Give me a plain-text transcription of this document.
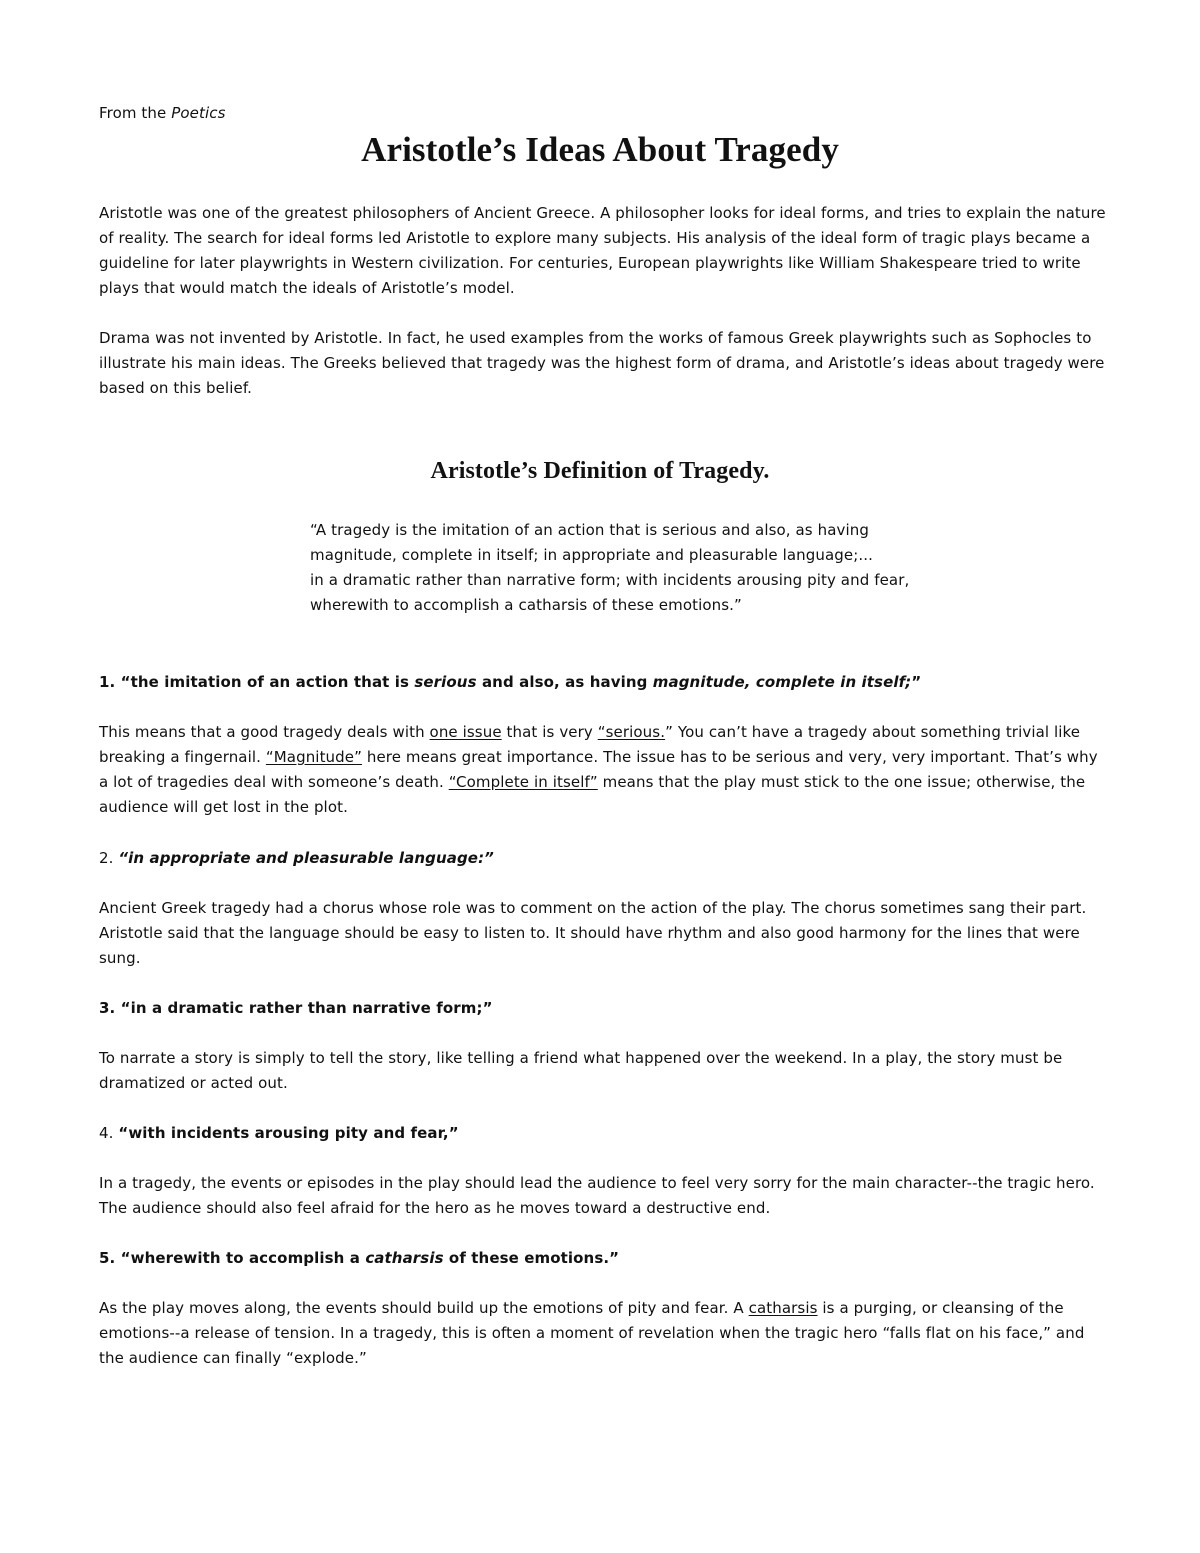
From the Poetics
Aristotle’s Ideas About Tragedy

Aristotle was one of the greatest philosophers of Ancient Greece. A philosopher looks for ideal forms, and tries to explain the nature of reality. The search for ideal forms led Aristotle to explore many subjects. His analysis of the ideal form of tragic plays became a guideline for later playwrights in Western civilization. For centuries, European playwrights like William Shakespeare tried to write plays that would match the ideals of Aristotle’s model.

Drama was not invented by Aristotle. In fact, he used examples from the works of famous Greek playwrights such as Sophocles to illustrate his main ideas. The Greeks believed that tragedy was the highest form of drama, and Aristotle’s ideas about tragedy were based on this belief.

Aristotle’s Definition of Tragedy.
“A tragedy is the imitation of an action that is serious and also, as having
magnitude, complete in itself; in appropriate and pleasurable language;...
in a dramatic rather than narrative form; with incidents arousing pity and fear,
wherewith to accomplish a catharsis of these emotions.”

1. “the imitation of an action that is serious and also, as having magnitude, complete in itself;”

This means that a good tragedy deals with one issue that is very “serious.” You can’t have a tragedy about something trivial like breaking a fingernail. “Magnitude” here means great importance. The issue has to be serious and very, very important. That’s why a lot of tragedies deal with someone’s death. “Complete in itself” means that the play must stick to the one issue; otherwise, the audience will get lost in the plot.

2. “in appropriate and pleasurable language:”

Ancient Greek tragedy had a chorus whose role was to comment on the action of the play. The chorus sometimes sang their part. Aristotle said that the language should be easy to listen to. It should have rhythm and also good harmony for the lines that were sung.

3. “in a dramatic rather than narrative form;”

To narrate a story is simply to tell the story, like telling a friend what happened over the weekend. In a play, the story must be dramatized or acted out.

4. “with incidents arousing pity and fear,”

In a tragedy, the events or episodes in the play should lead the audience to feel very sorry for the main character--the tragic hero. The audience should also feel afraid for the hero as he moves toward a destructive end.

5. “wherewith to accomplish a catharsis of these emotions.”

As the play moves along, the events should build up the emotions of pity and fear. A catharsis is a purging, or cleansing of the emotions--a release of tension. In a tragedy, this is often a moment of revelation when the tragic hero “falls flat on his face,” and the audience can finally “explode.”
